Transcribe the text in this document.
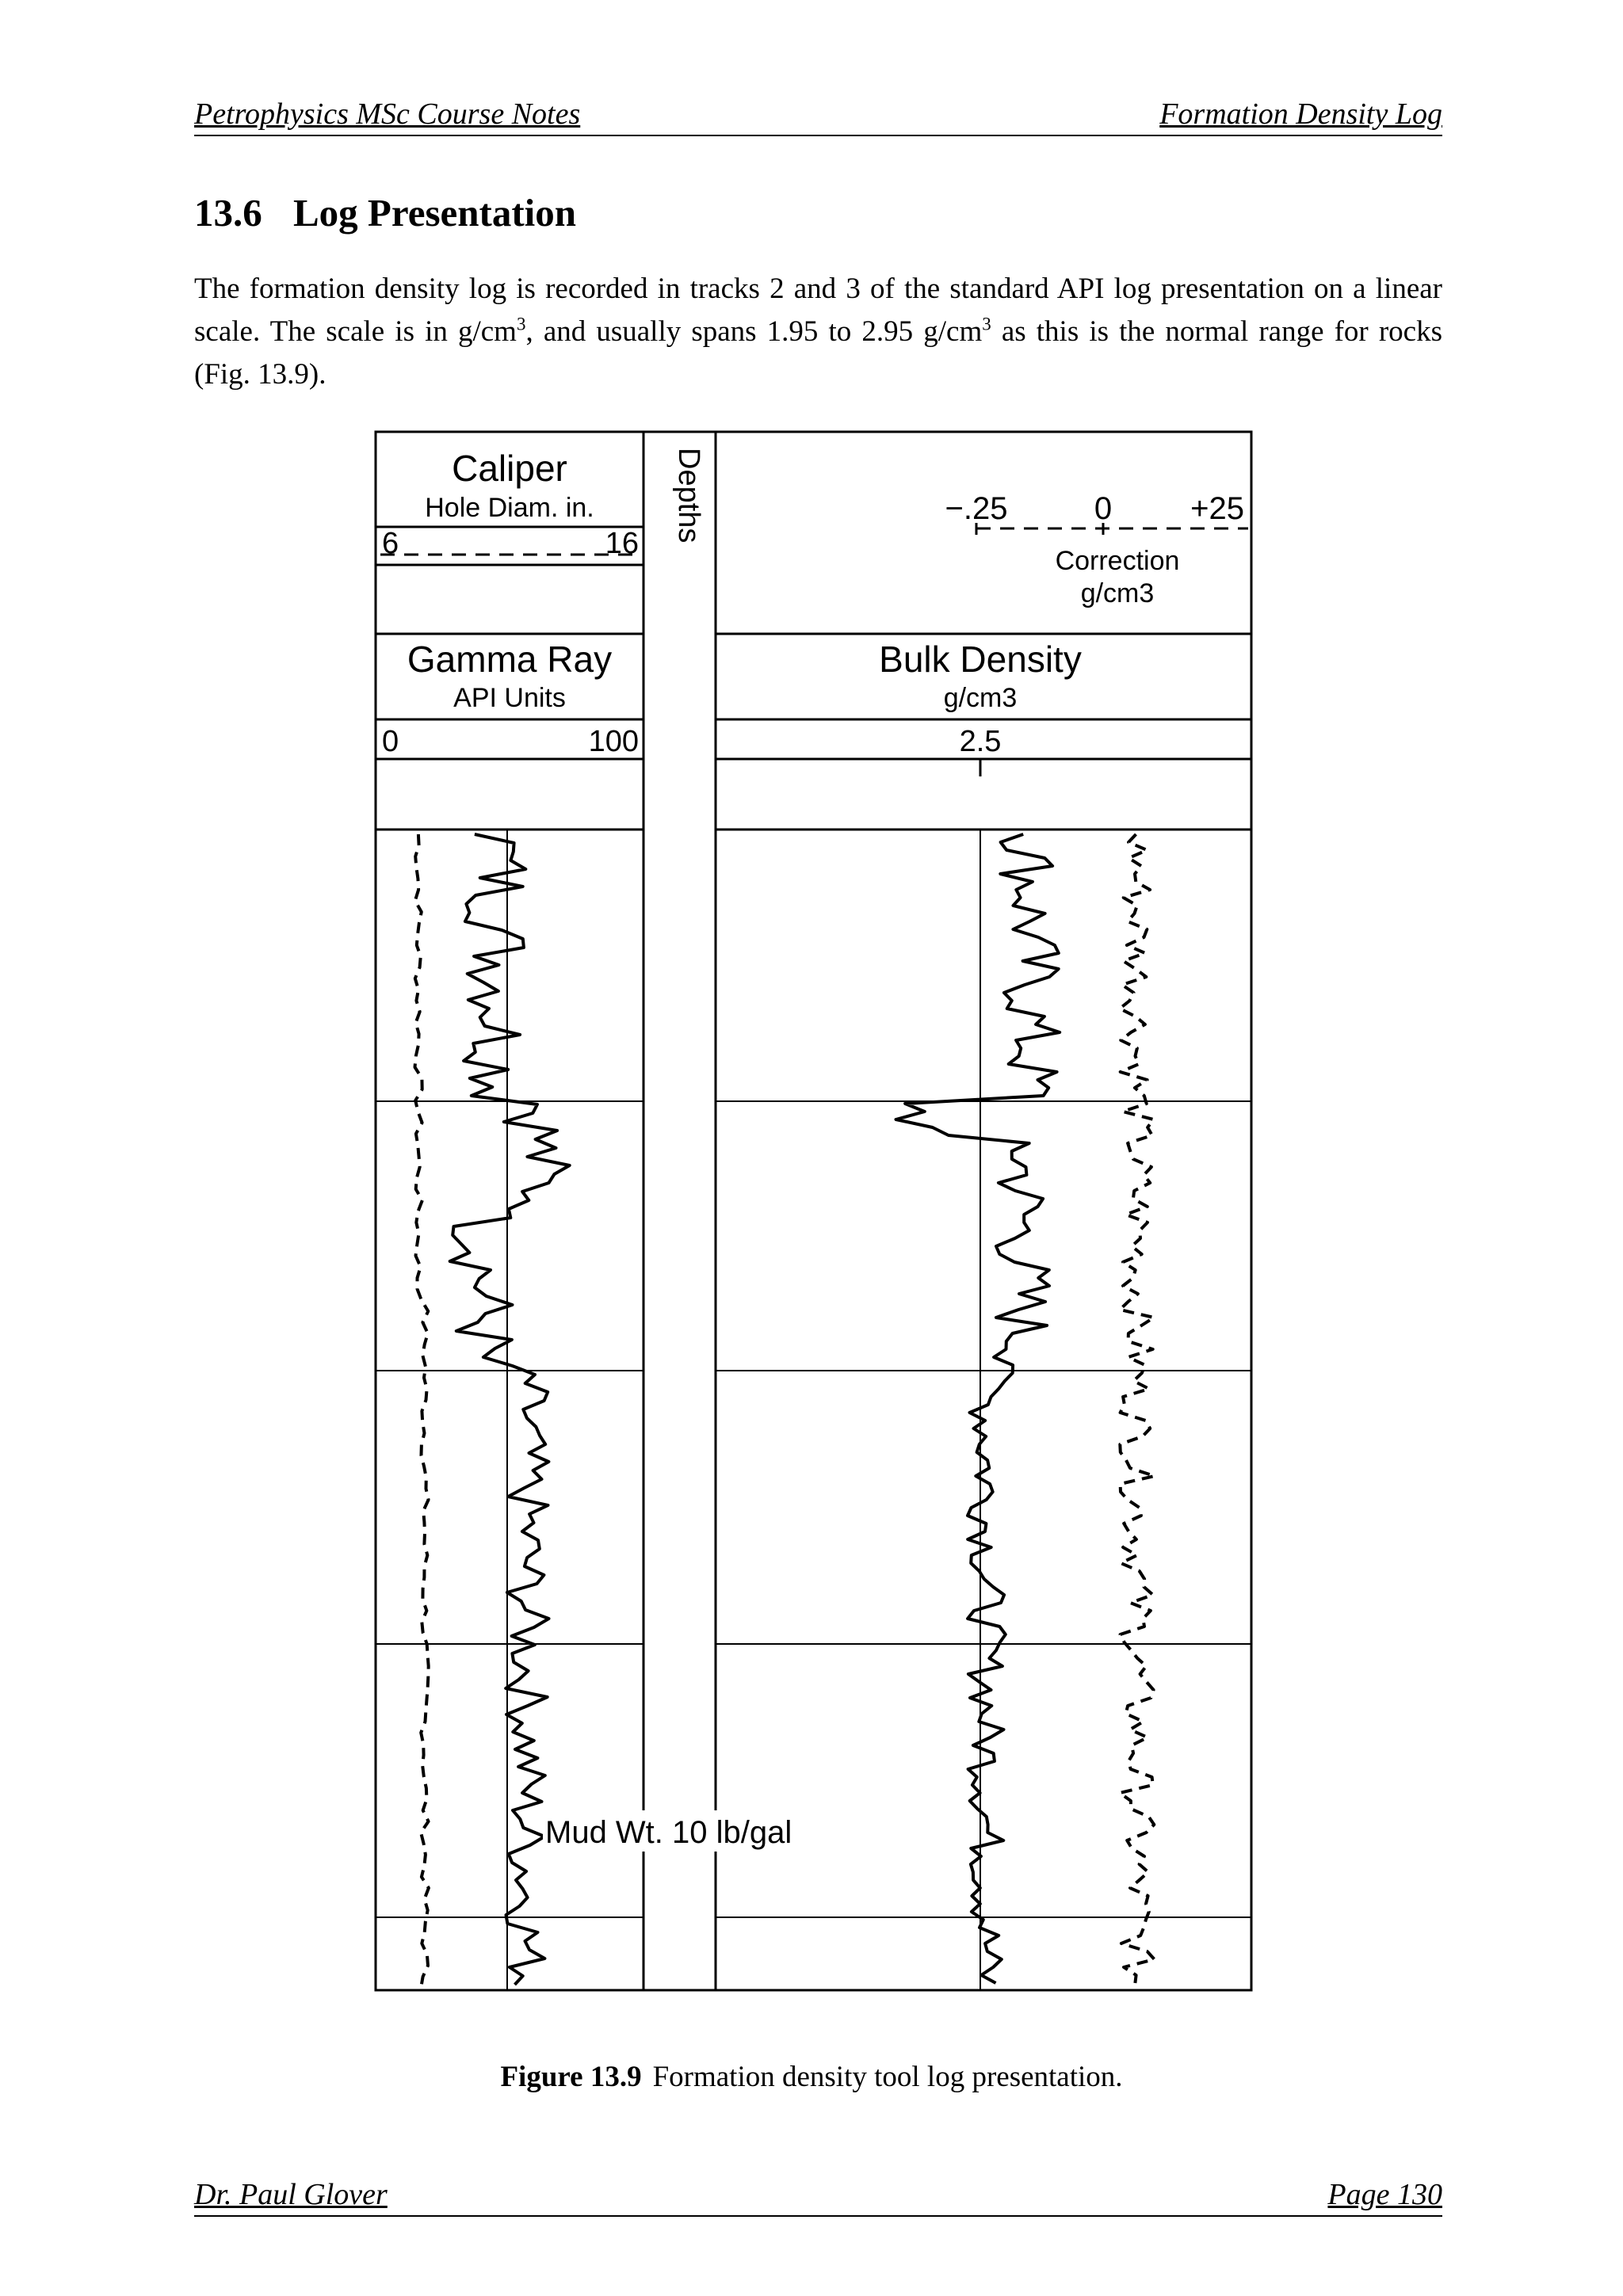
Petrophysics MSc Course Notes	Formation Density Log
13.6 Log Presentation
The formation density log is recorded in tracks 2 and 3 of the standard API log presentation on a linear scale. The scale is in $g/cm^3$, and usually spans 1.95 to 2.95 $g/cm^3$ as this is the normal range for rocks (Fig. 13.9).
Caliper
Hole Diam. in.
6	16
Gamma Ray
API Units
0	100
Depths	−.25	0 +25
Correction
g/cm3
Bulk Density
g/cm3
2.5
Mud Wt. 10 lb/gal
Figure 13.9 Formation density tool log presentation.
Dr. Paul Glover	Page 130
